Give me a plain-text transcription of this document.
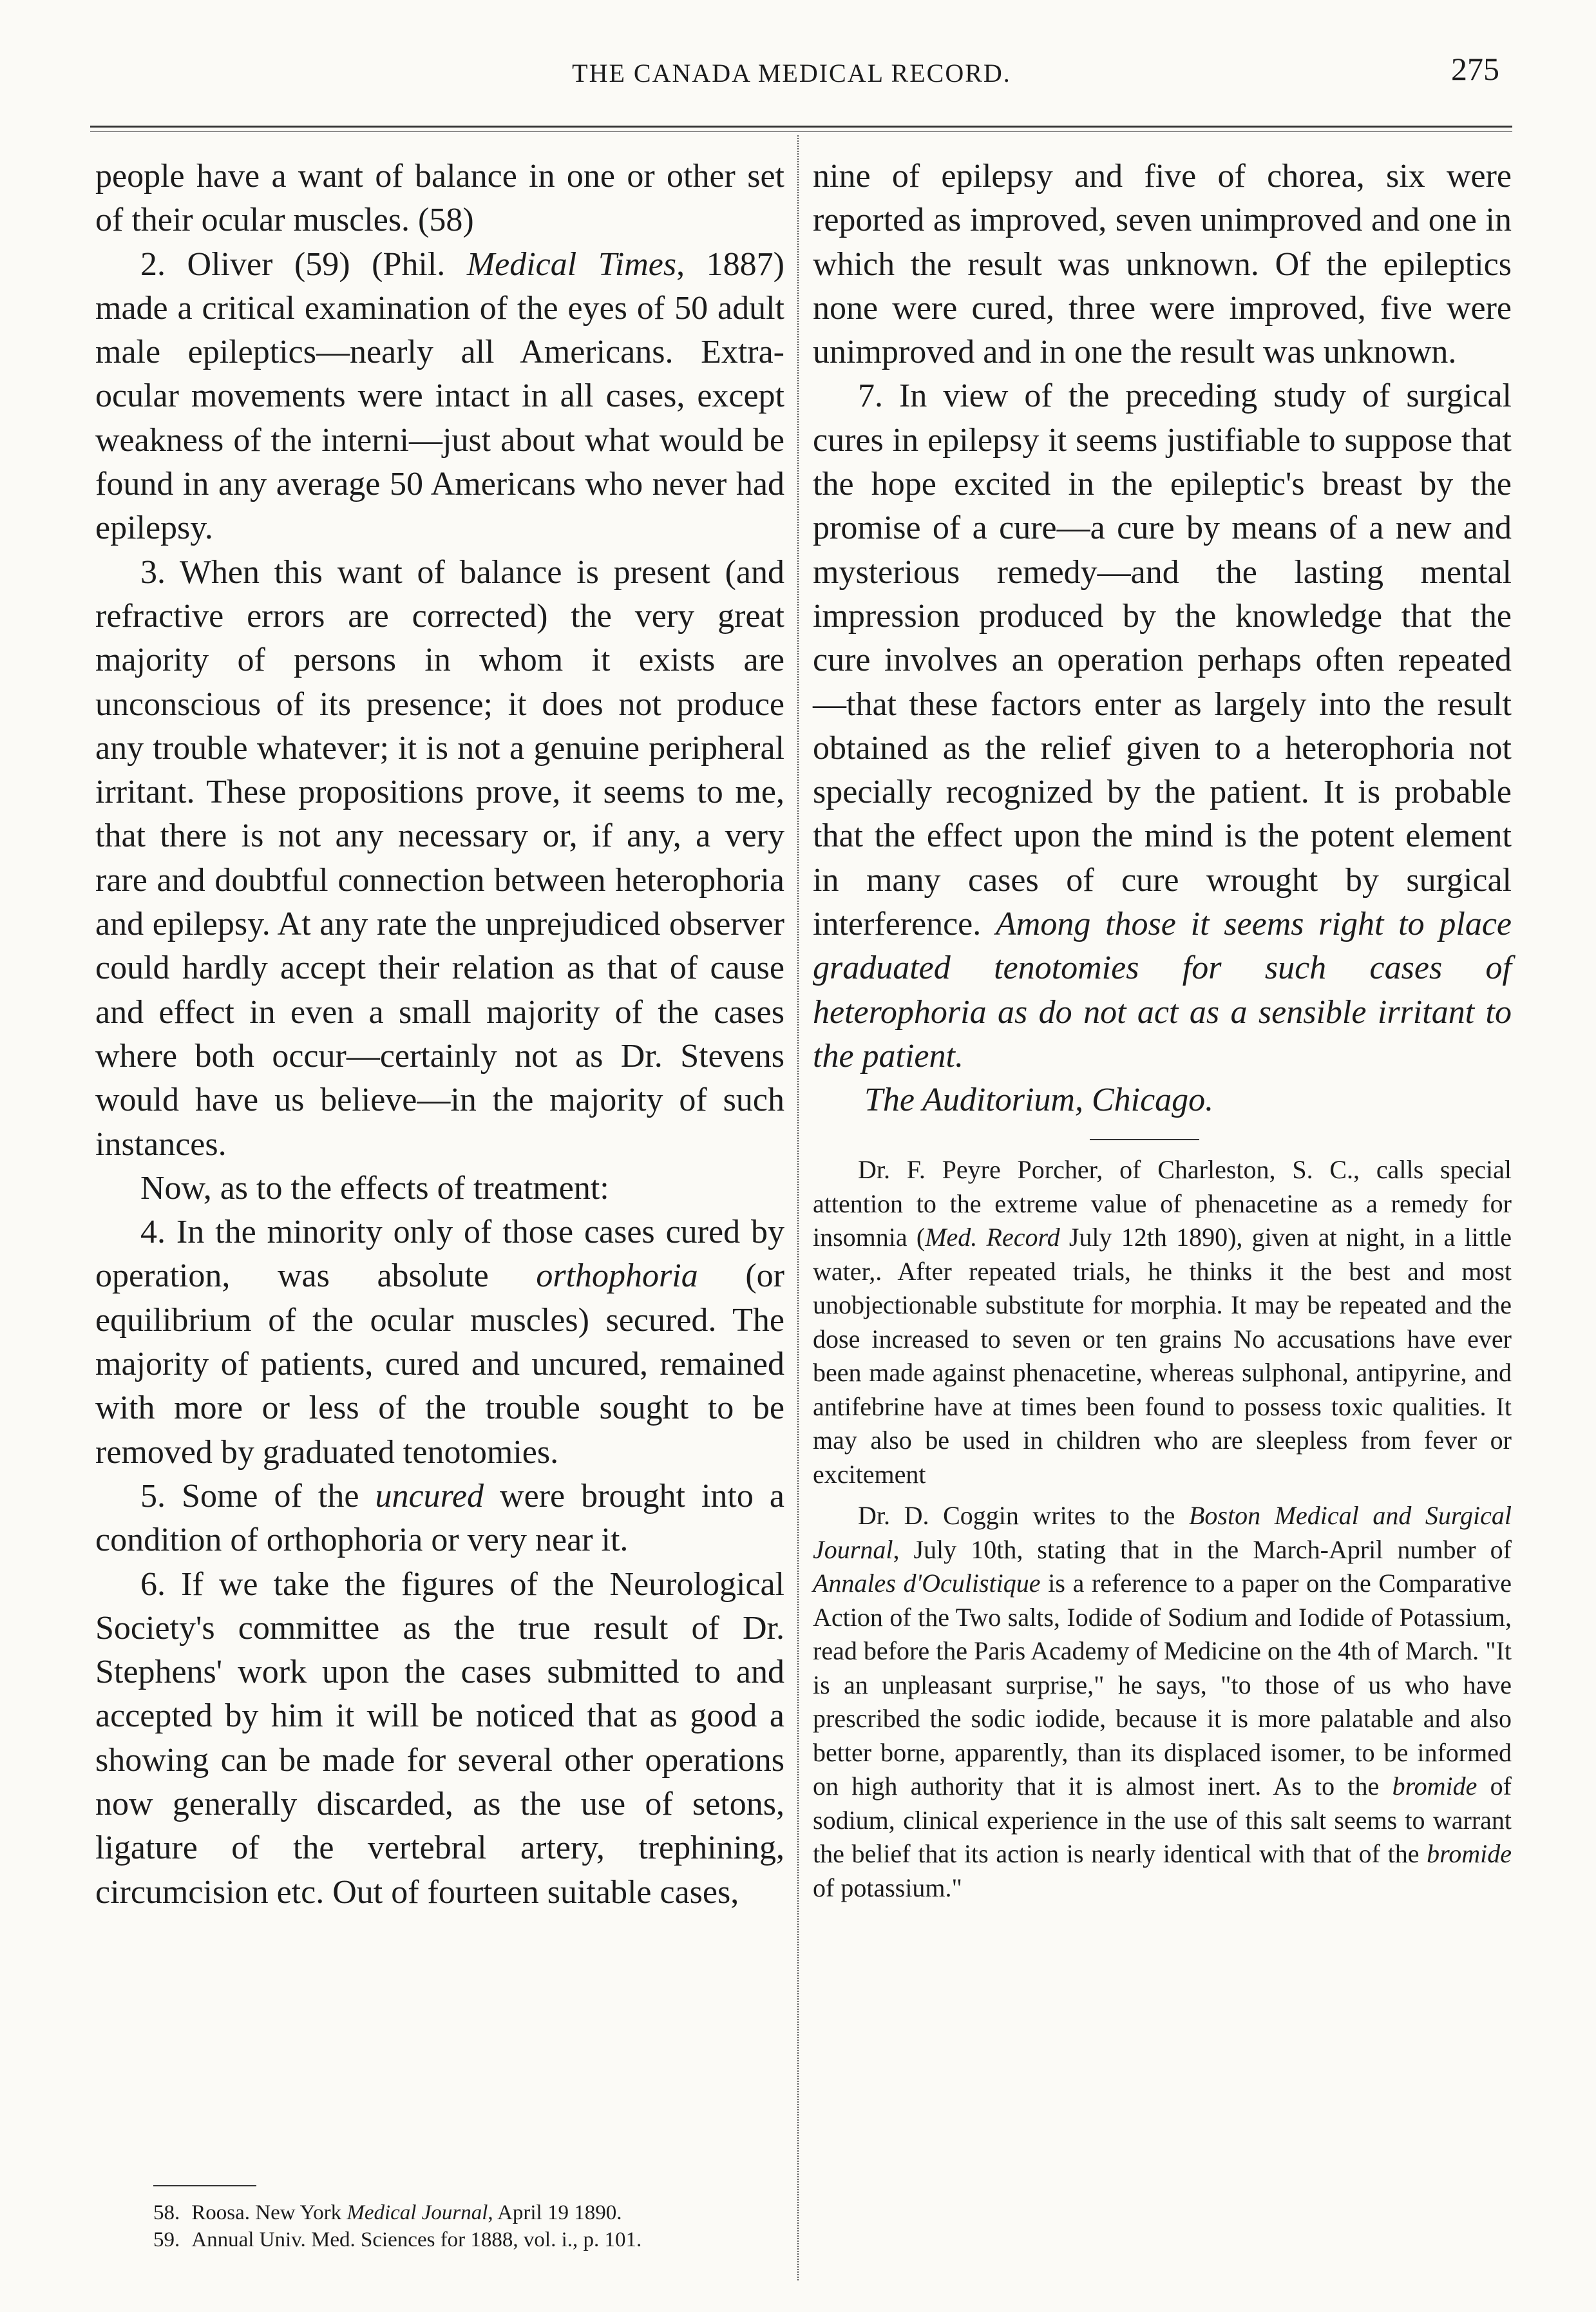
THE CANADA MEDICAL RECORD.	275

people have a want of balance in one or other set of their ocular muscles. (58)

2. Oliver (59) (Phil. Medical Times, 1887) made a critical examination of the eyes of 50 adult male epileptics—nearly all Americans. Extra-ocular movements were intact in all cases, except weakness of the interni—just about what would be found in any average 50 Americans who never had epilepsy.

3. When this want of balance is present (and refractive errors are corrected) the very great majority of persons in whom it exists are unconscious of its presence; it does not produce any trouble whatever; it is not a genuine peripheral irritant. These propositions prove, it seems to me, that there is not any necessary or, if any, a very rare and doubtful connection between heterophoria and epilepsy. At any rate the unprejudiced observer could hardly accept their relation as that of cause and effect in even a small majority of the cases where both occur—certainly not as Dr. Stevens would have us believe—in the majority of such instances.

Now, as to the effects of treatment:

4. In the minority only of those cases cured by operation, was absolute orthophoria (or equilibrium of the ocular muscles) secured. The majority of patients, cured and uncured, remained with more or less of the trouble sought to be removed by graduated tenotomies.

5. Some of the uncured were brought into a condition of orthophoria or very near it.

6. If we take the figures of the Neurological Society's committee as the true result of Dr. Stephens' work upon the cases submitted to and accepted by him it will be noticed that as good a showing can be made for several other operations now generally discarded, as the use of setons, ligature of the vertebral artery, trephining, circumcision etc. Out of fourteen suitable cases,

nine of epilepsy and five of chorea, six were reported as improved, seven unimproved and one in which the result was unknown. Of the epileptics none were cured, three were improved, five were unimproved and in one the result was unknown.

7. In view of the preceding study of surgical cures in epilepsy it seems justifiable to suppose that the hope excited in the epileptic's breast by the promise of a cure—a cure by means of a new and mysterious remedy—and the lasting mental impression produced by the knowledge that the cure involves an operation perhaps often repeated—that these factors enter as largely into the result obtained as the relief given to a heterophoria not specially recognized by the patient. It is probable that the effect upon the mind is the potent element in many cases of cure wrought by surgical interference. Among those it seems right to place graduated tenotomies for such cases of heterophoria as do not act as a sensible irritant to the patient.

The Auditorium, Chicago.

Dr. F. Peyre Porcher, of Charleston, S. C., calls special attention to the extreme value of phenacetine as a remedy for insomnia (Med. Record July 12th 1890), given at night, in a little water,. After repeated trials, he thinks it the best and most unobjectionable substitute for morphia. It may be repeated and the dose increased to seven or ten grains No accusations have ever been made against phenacetine, whereas sulphonal, antipyrine, and antifebrine have at times been found to possess toxic qualities. It may also be used in children who are sleepless from fever or excitement

Dr. D. Coggin writes to the Boston Medical and Surgical Journal, July 10th, stating that in the March-April number of Annales d'Oculistique is a reference to a paper on the Comparative Action of the Two salts, Iodide of Sodium and Iodide of Potassium, read before the Paris Academy of Medicine on the 4th of March. "It is an unpleasant surprise," he says, "to those of us who have prescribed the sodic iodide, because it is more palatable and also better borne, apparently, than its displaced isomer, to be informed on high authority that it is almost inert. As to the bromide of sodium, clinical experience in the use of this salt seems to warrant the belief that its action is nearly identical with that of the bromide of potassium."

58. Roosa. New York Medical Journal, April 19 1890.
59. Annual Univ. Med. Sciences for 1888, vol. i., p. 101.
